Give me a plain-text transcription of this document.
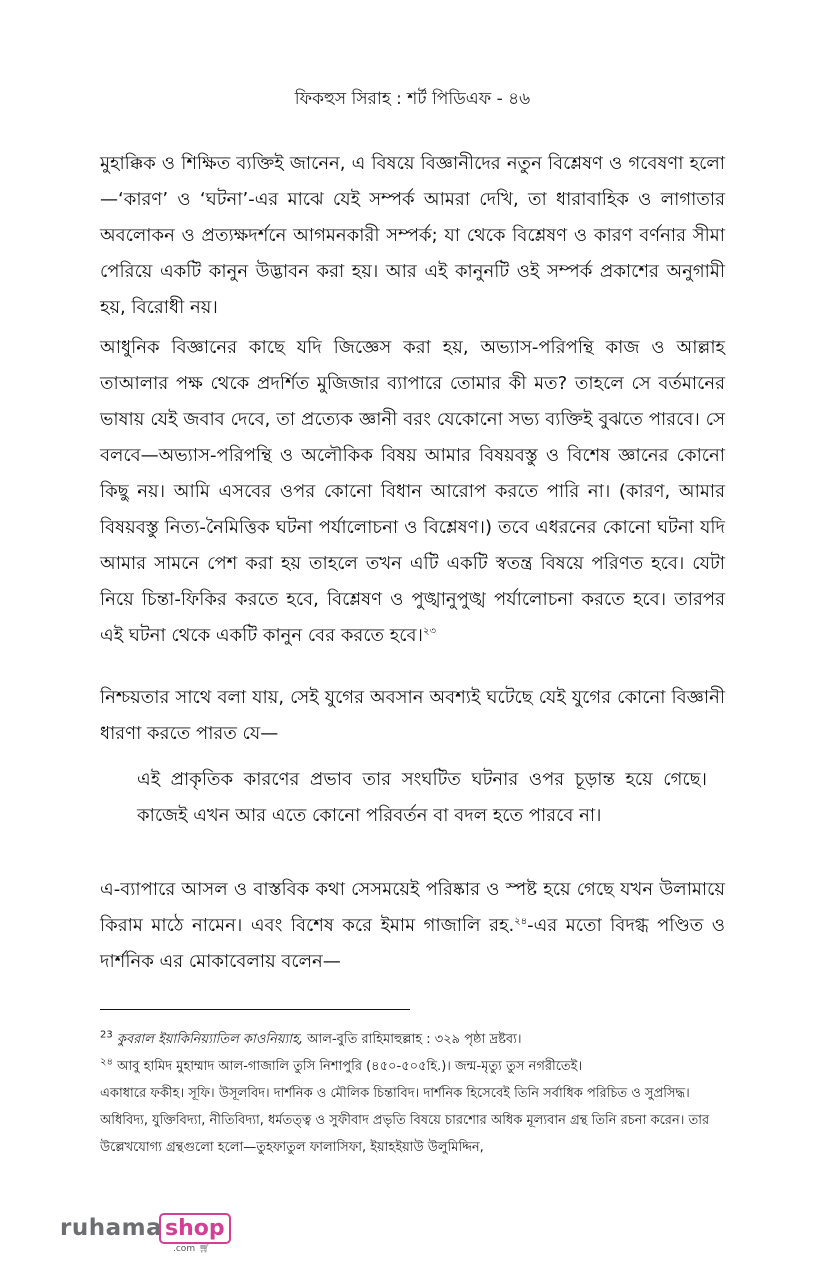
ফিকহুস সিরাহ : শর্ট পিডিএফ - ৪৬

মুহাক্কিক ও শিক্ষিত ব্যক্তিই জানেন, এ বিষয়ে বিজ্ঞানীদের নতুন বিশ্লেষণ ও গবেষণা হলো—‘কারণ’ ও ‘ঘটনা’-এর মাঝে যেই সম্পর্ক আমরা দেখি, তা ধারাবাহিক ও লাগাতার অবলোকন ও প্রত্যক্ষদর্শনে আগমনকারী সম্পর্ক; যা থেকে বিশ্লেষণ ও কারণ বর্ণনার সীমা পেরিয়ে একটি কানুন উদ্ভাবন করা হয়। আর এই কানুনটি ওই সম্পর্ক প্রকাশের অনুগামী হয়, বিরোধী নয়।

আধুনিক বিজ্ঞানের কাছে যদি জিজ্ঞেস করা হয়, অভ্যাস-পরিপন্থি কাজ ও আল্লাহ তাআলার পক্ষ থেকে প্রদর্শিত মুজিজার ব্যাপারে তোমার কী মত? তাহলে সে বর্তমানের ভাষায় যেই জবাব দেবে, তা প্রত্যেক জ্ঞানী বরং যেকোনো সভ্য ব্যক্তিই বুঝতে পারবে। সে বলবে—অভ্যাস-পরিপন্থি ও অলৌকিক বিষয় আমার বিষয়বস্তু ও বিশেষ জ্ঞানের কোনো কিছু নয়। আমি এসবের ওপর কোনো বিধান আরোপ করতে পারি না। (কারণ, আমার বিষয়বস্তু নিত্য-নৈমিত্তিক ঘটনা পর্যালোচনা ও বিশ্লেষণ।) তবে এধরনের কোনো ঘটনা যদি আমার সামনে পেশ করা হয় তাহলে তখন এটি একটি স্বতন্ত্র বিষয়ে পরিণত হবে। যেটা নিয়ে চিন্তা-ফিকির করতে হবে, বিশ্লেষণ ও পুঙ্খানুপুঙ্খ পর্যালোচনা করতে হবে। তারপর এই ঘটনা থেকে একটি কানুন বের করতে হবে।$^{২৩}$

নিশ্চয়তার সাথে বলা যায়, সেই যুগের অবসান অবশ্যই ঘটেছে যেই যুগের কোনো বিজ্ঞানী ধারণা করতে পারত যে—

এই প্রাকৃতিক কারণের প্রভাব তার সংঘটিত ঘটনার ওপর চূড়ান্ত হয়ে গেছে। কাজেই এখন আর এতে কোনো পরিবর্তন বা বদল হতে পারবে না।

এ-ব্যাপারে আসল ও বাস্তবিক কথা সেসময়েই পরিষ্কার ও স্পষ্ট হয়ে গেছে যখন উলামায়ে কিরাম মাঠে নামেন। এবং বিশেষ করে ইমাম গাজালি রহ.$^{২৪}$-এর মতো বিদগ্ধ পণ্ডিত ও দার্শনিক এর মোকাবেলায় বলেন—

$^{23}$ কুবরাল ইয়াকিনিয়্যাতিল কাওনিয়্যাহ, আল-বুতি রাহিমাহুল্লাহ : ৩২৯ পৃষ্ঠা দ্রষ্টব্য।

$^{২৪}$ আবু হামিদ মুহাম্মাদ আল-গাজালি তুসি নিশাপুরি (৪৫০-৫০৫হি.)। জন্ম-মৃত্যু তুস নগরীতেই।

একাধারে ফকীহ। সূফি। উসূলবিদ। দার্শনিক ও মৌলিক চিন্তাবিদ। দার্শনিক হিসেবেই তিনি সর্বাধিক পরিচিত ও সুপ্রসিদ্ধ।

অধিবিদ্য, যুক্তিবিদ্যা, নীতিবিদ্যা, ধর্মতত্ত্ব ও সুফীবাদ প্রভৃতি বিষয়ে চারশোর অধিক মূল্যবান গ্রন্থ তিনি রচনা করেন। তার উল্লেখযোগ্য গ্রন্থগুলো হলো—তুহফাতুল ফালাসিফা, ইয়াহইয়াউ উলুমিদ্দিন,

ruhama shop
.com 🛒︎
